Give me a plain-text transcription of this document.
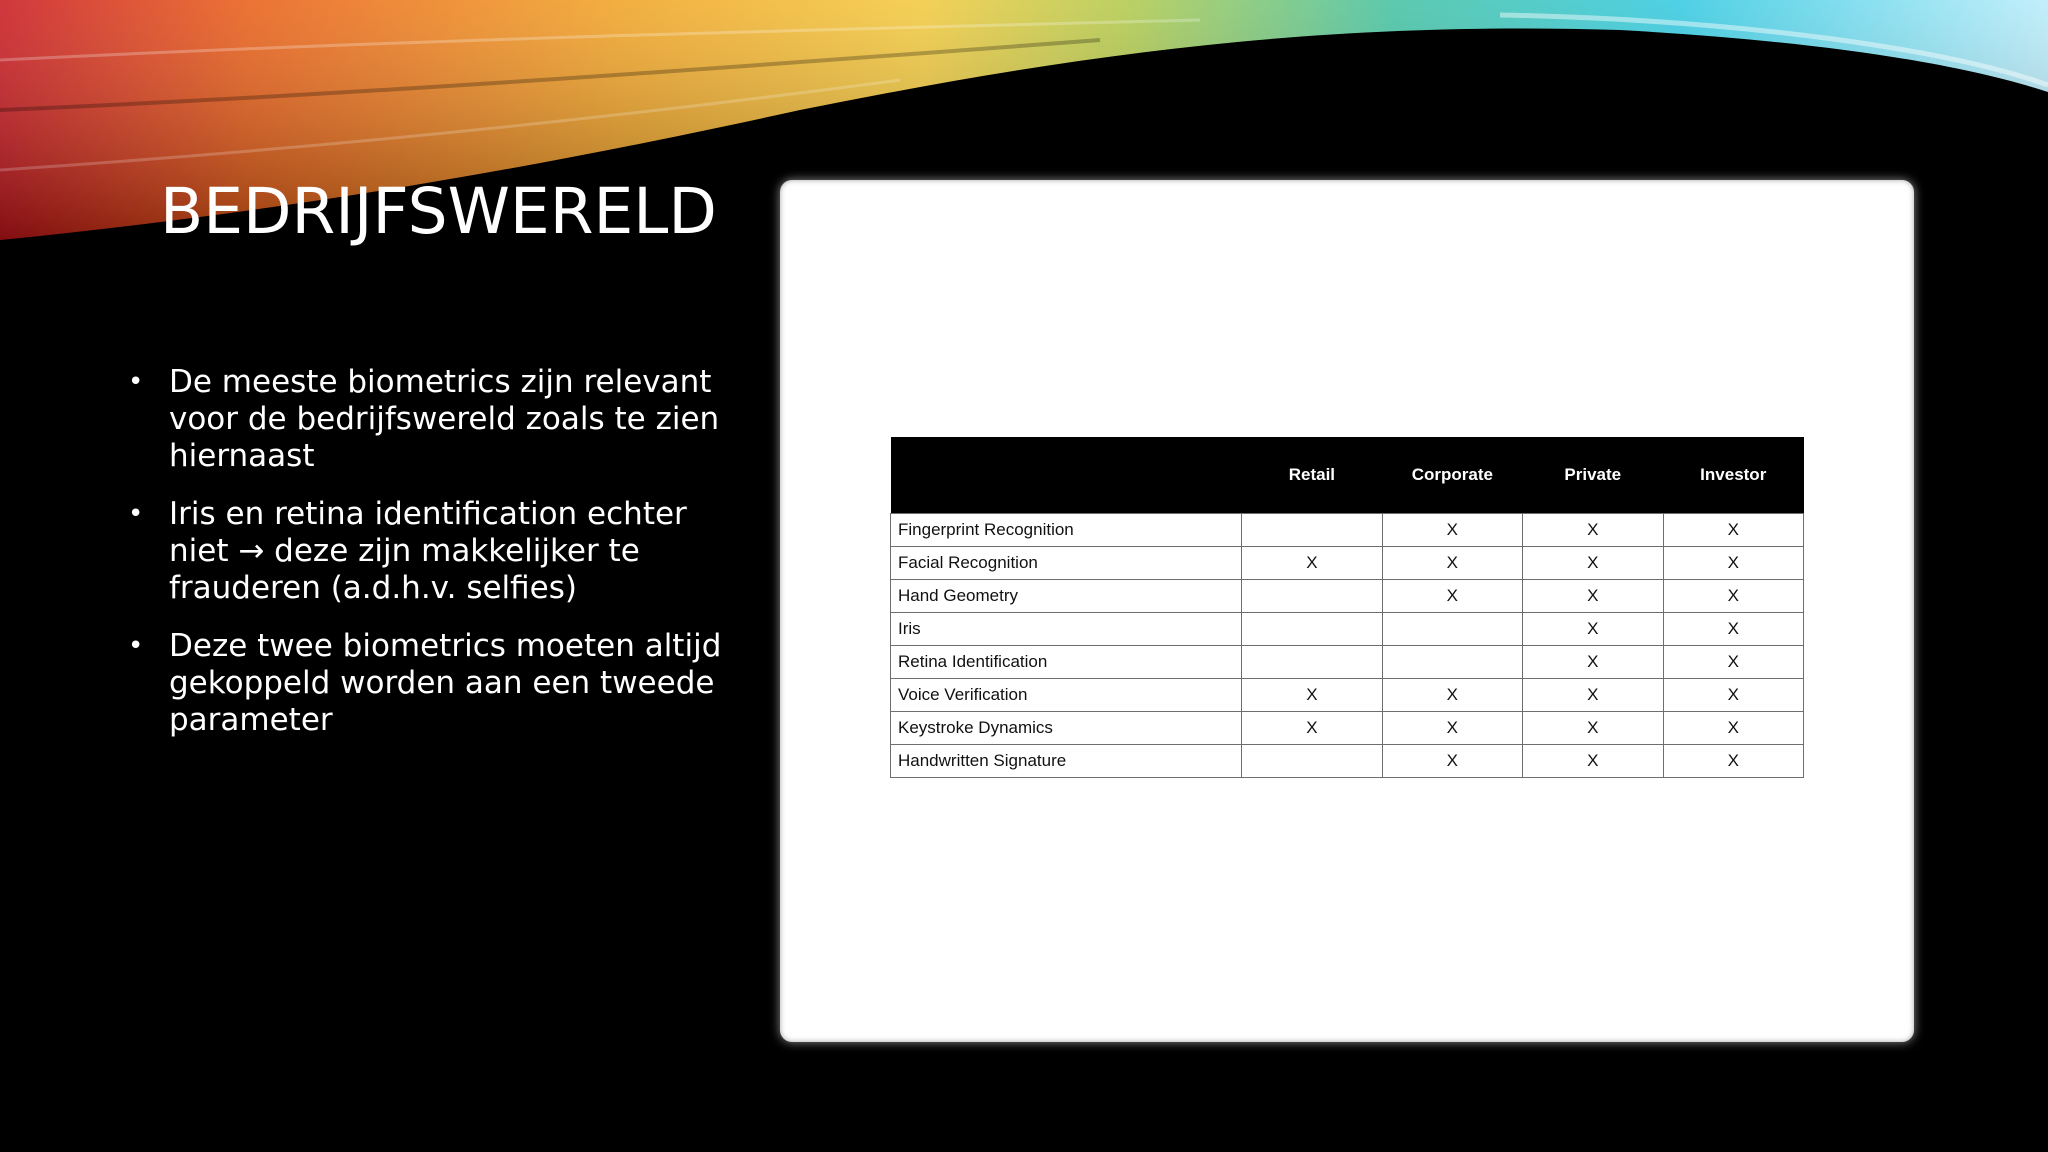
BEDRIJFSWERELD
• De meeste biometrics zijn relevant voor de bedrijfswereld zoals te zien hiernaast
• Iris en retina identification echter niet → deze zijn makkelijker te frauderen (a.d.h.v. selfies)
• Deze twee biometrics moeten altijd gekoppeld worden aan een tweede parameter
	Retail	Corporate	Private	Investor
Fingerprint Recognition		X	X	X
Facial Recognition	X	X	X	X
Hand Geometry		X	X	X
Iris			X	X
Retina Identification			X	X
Voice Verification	X	X	X	X
Keystroke Dynamics	X	X	X	X
Handwritten Signature		X	X	X
